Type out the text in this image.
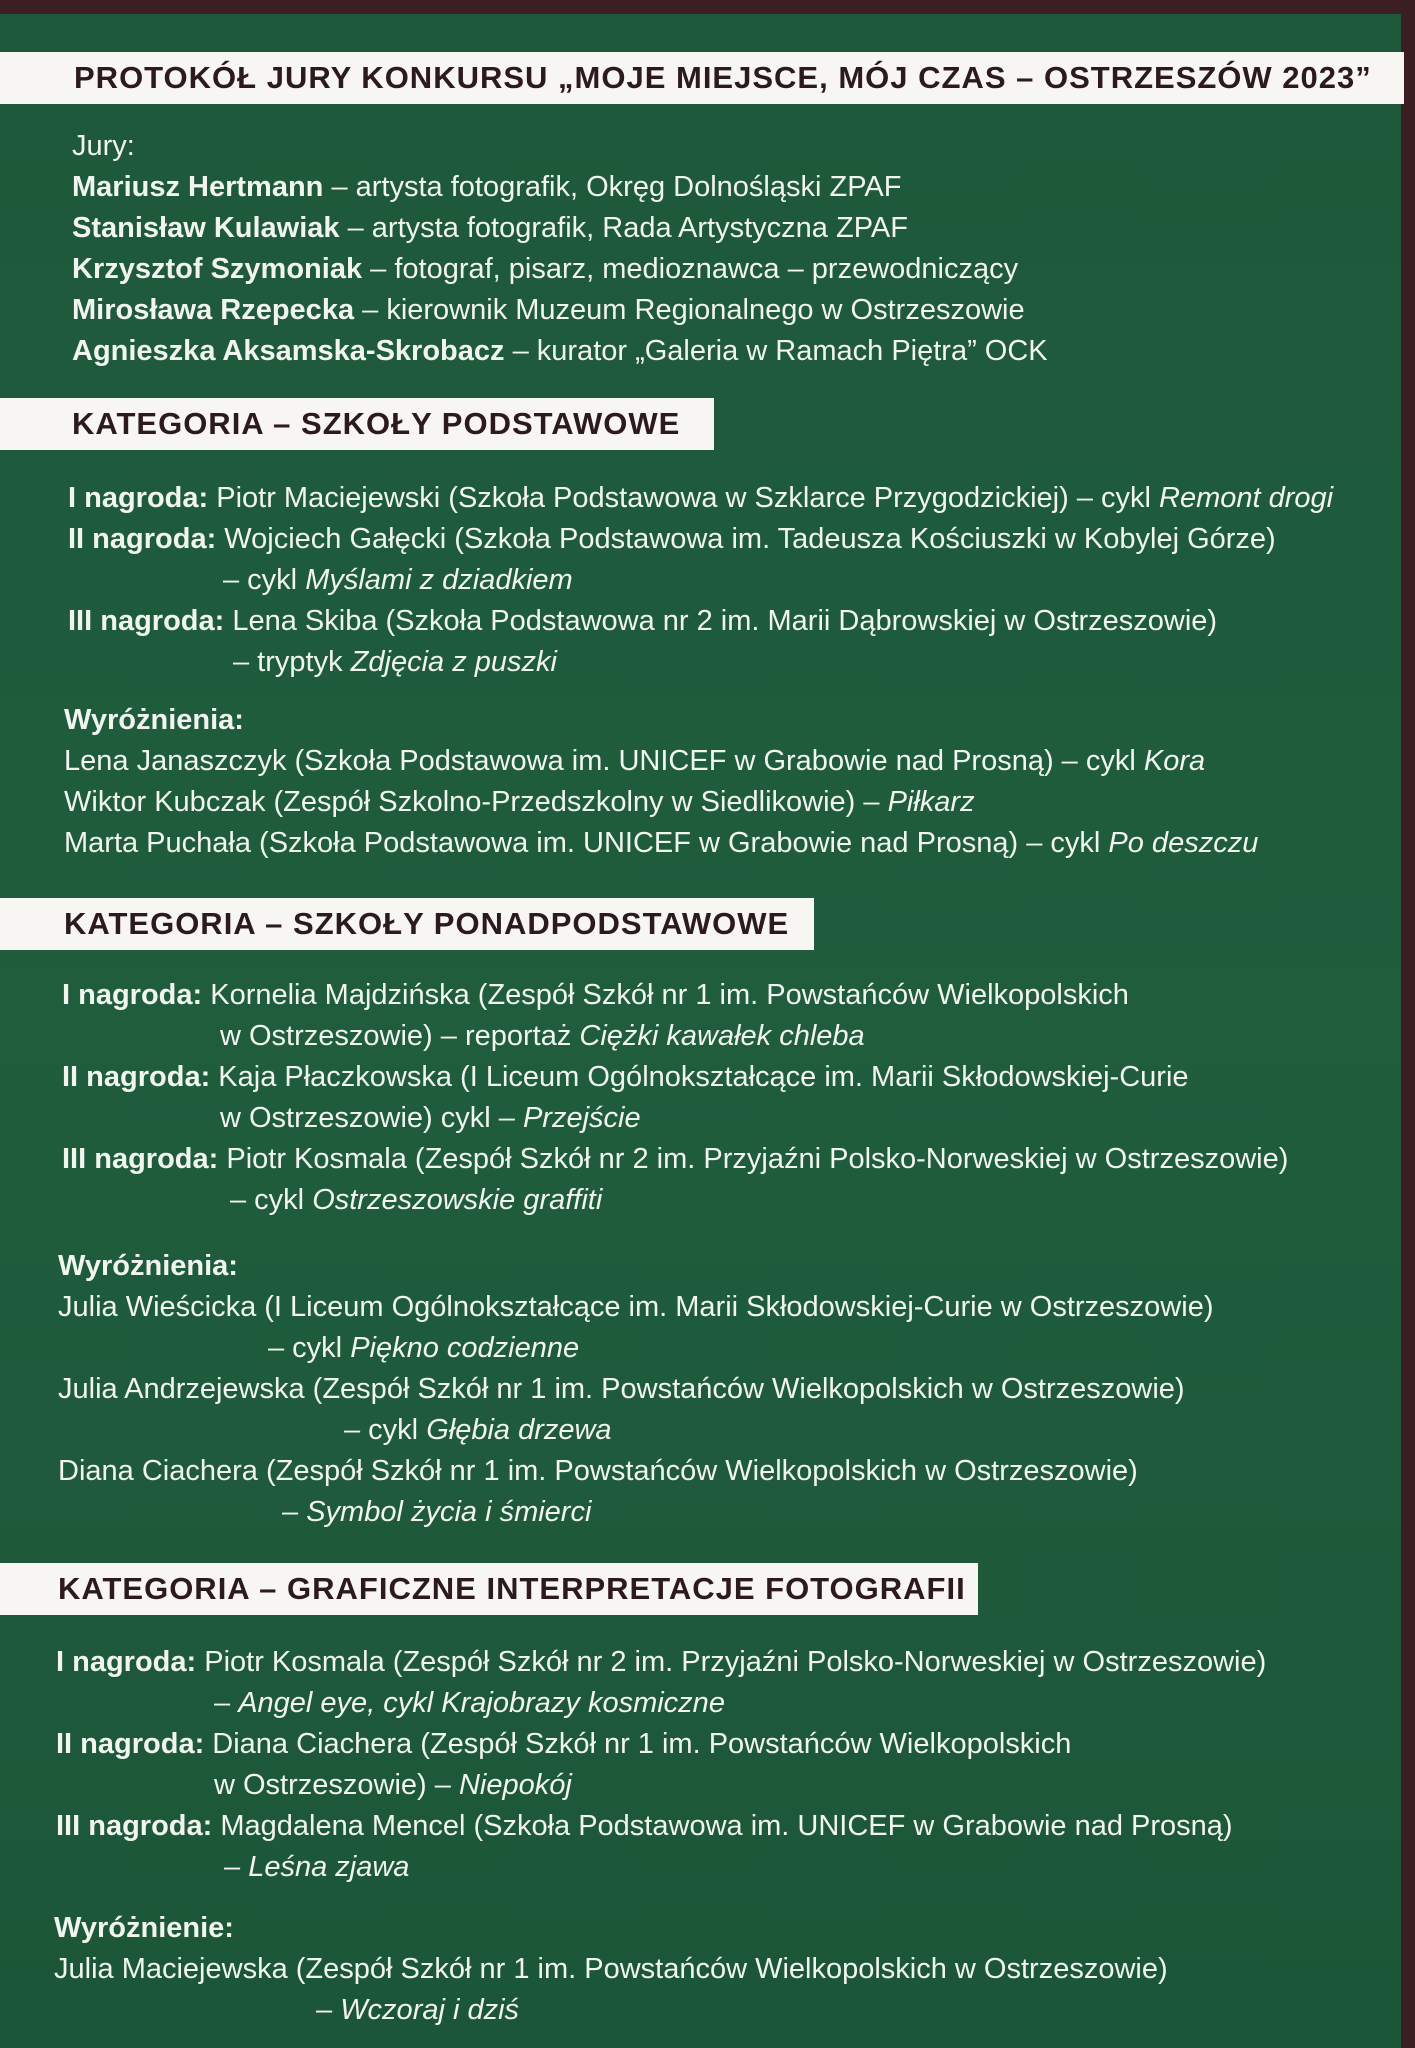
PROTOKÓŁ JURY KONKURSU „MOJE MIEJSCE, MÓJ CZAS – OSTRZESZÓW 2023”
Jury:
Mariusz Hertmann – artysta fotografik, Okręg Dolnośląski ZPAF
Stanisław Kulawiak – artysta fotografik, Rada Artystyczna ZPAF
Krzysztof Szymoniak – fotograf, pisarz, medioznawca – przewodniczący
Mirosława Rzepecka – kierownik Muzeum Regionalnego w Ostrzeszowie
Agnieszka Aksamska-Skrobacz – kurator „Galeria w Ramach Piętra” OCK
KATEGORIA – SZKOŁY PODSTAWOWE
I nagroda: Piotr Maciejewski (Szkoła Podstawowa w Szklarce Przygodzickiej) – cykl Remont drogi
II nagroda: Wojciech Gałęcki (Szkoła Podstawowa im. Tadeusza Kościuszki w Kobylej Górze)
– cykl Myślami z dziadkiem
III nagroda: Lena Skiba (Szkoła Podstawowa nr 2 im. Marii Dąbrowskiej w Ostrzeszowie)
– tryptyk Zdjęcia z puszki
Wyróżnienia:
Lena Janaszczyk (Szkoła Podstawowa im. UNICEF w Grabowie nad Prosną) – cykl Kora
Wiktor Kubczak (Zespół Szkolno-Przedszkolny w Siedlikowie) – Piłkarz
Marta Puchała (Szkoła Podstawowa im. UNICEF w Grabowie nad Prosną) – cykl Po deszczu
KATEGORIA – SZKOŁY PONADPODSTAWOWE
I nagroda: Kornelia Majdzińska (Zespół Szkół nr 1 im. Powstańców Wielkopolskich
w Ostrzeszowie) – reportaż Ciężki kawałek chleba
II nagroda: Kaja Płaczkowska (I Liceum Ogólnokształcące im. Marii Skłodowskiej-Curie
w Ostrzeszowie) cykl – Przejście
III nagroda: Piotr Kosmala (Zespół Szkół nr 2 im. Przyjaźni Polsko-Norweskiej w Ostrzeszowie)
– cykl Ostrzeszowskie graffiti
Wyróżnienia:
Julia Wieścicka (I Liceum Ogólnokształcące im. Marii Skłodowskiej-Curie w Ostrzeszowie)
– cykl Piękno codzienne
Julia Andrzejewska (Zespół Szkół nr 1 im. Powstańców Wielkopolskich w Ostrzeszowie)
– cykl Głębia drzewa
Diana Ciachera (Zespół Szkół nr 1 im. Powstańców Wielkopolskich w Ostrzeszowie)
– Symbol życia i śmierci
KATEGORIA – GRAFICZNE INTERPRETACJE FOTOGRAFII
I nagroda: Piotr Kosmala (Zespół Szkół nr 2 im. Przyjaźni Polsko-Norweskiej w Ostrzeszowie)
– Angel eye, cykl Krajobrazy kosmiczne
II nagroda: Diana Ciachera (Zespół Szkół nr 1 im. Powstańców Wielkopolskich
w Ostrzeszowie) – Niepokój
III nagroda: Magdalena Mencel (Szkoła Podstawowa im. UNICEF w Grabowie nad Prosną)
– Leśna zjawa
Wyróżnienie:
Julia Maciejewska (Zespół Szkół nr 1 im. Powstańców Wielkopolskich w Ostrzeszowie)
– Wczoraj i dziś
